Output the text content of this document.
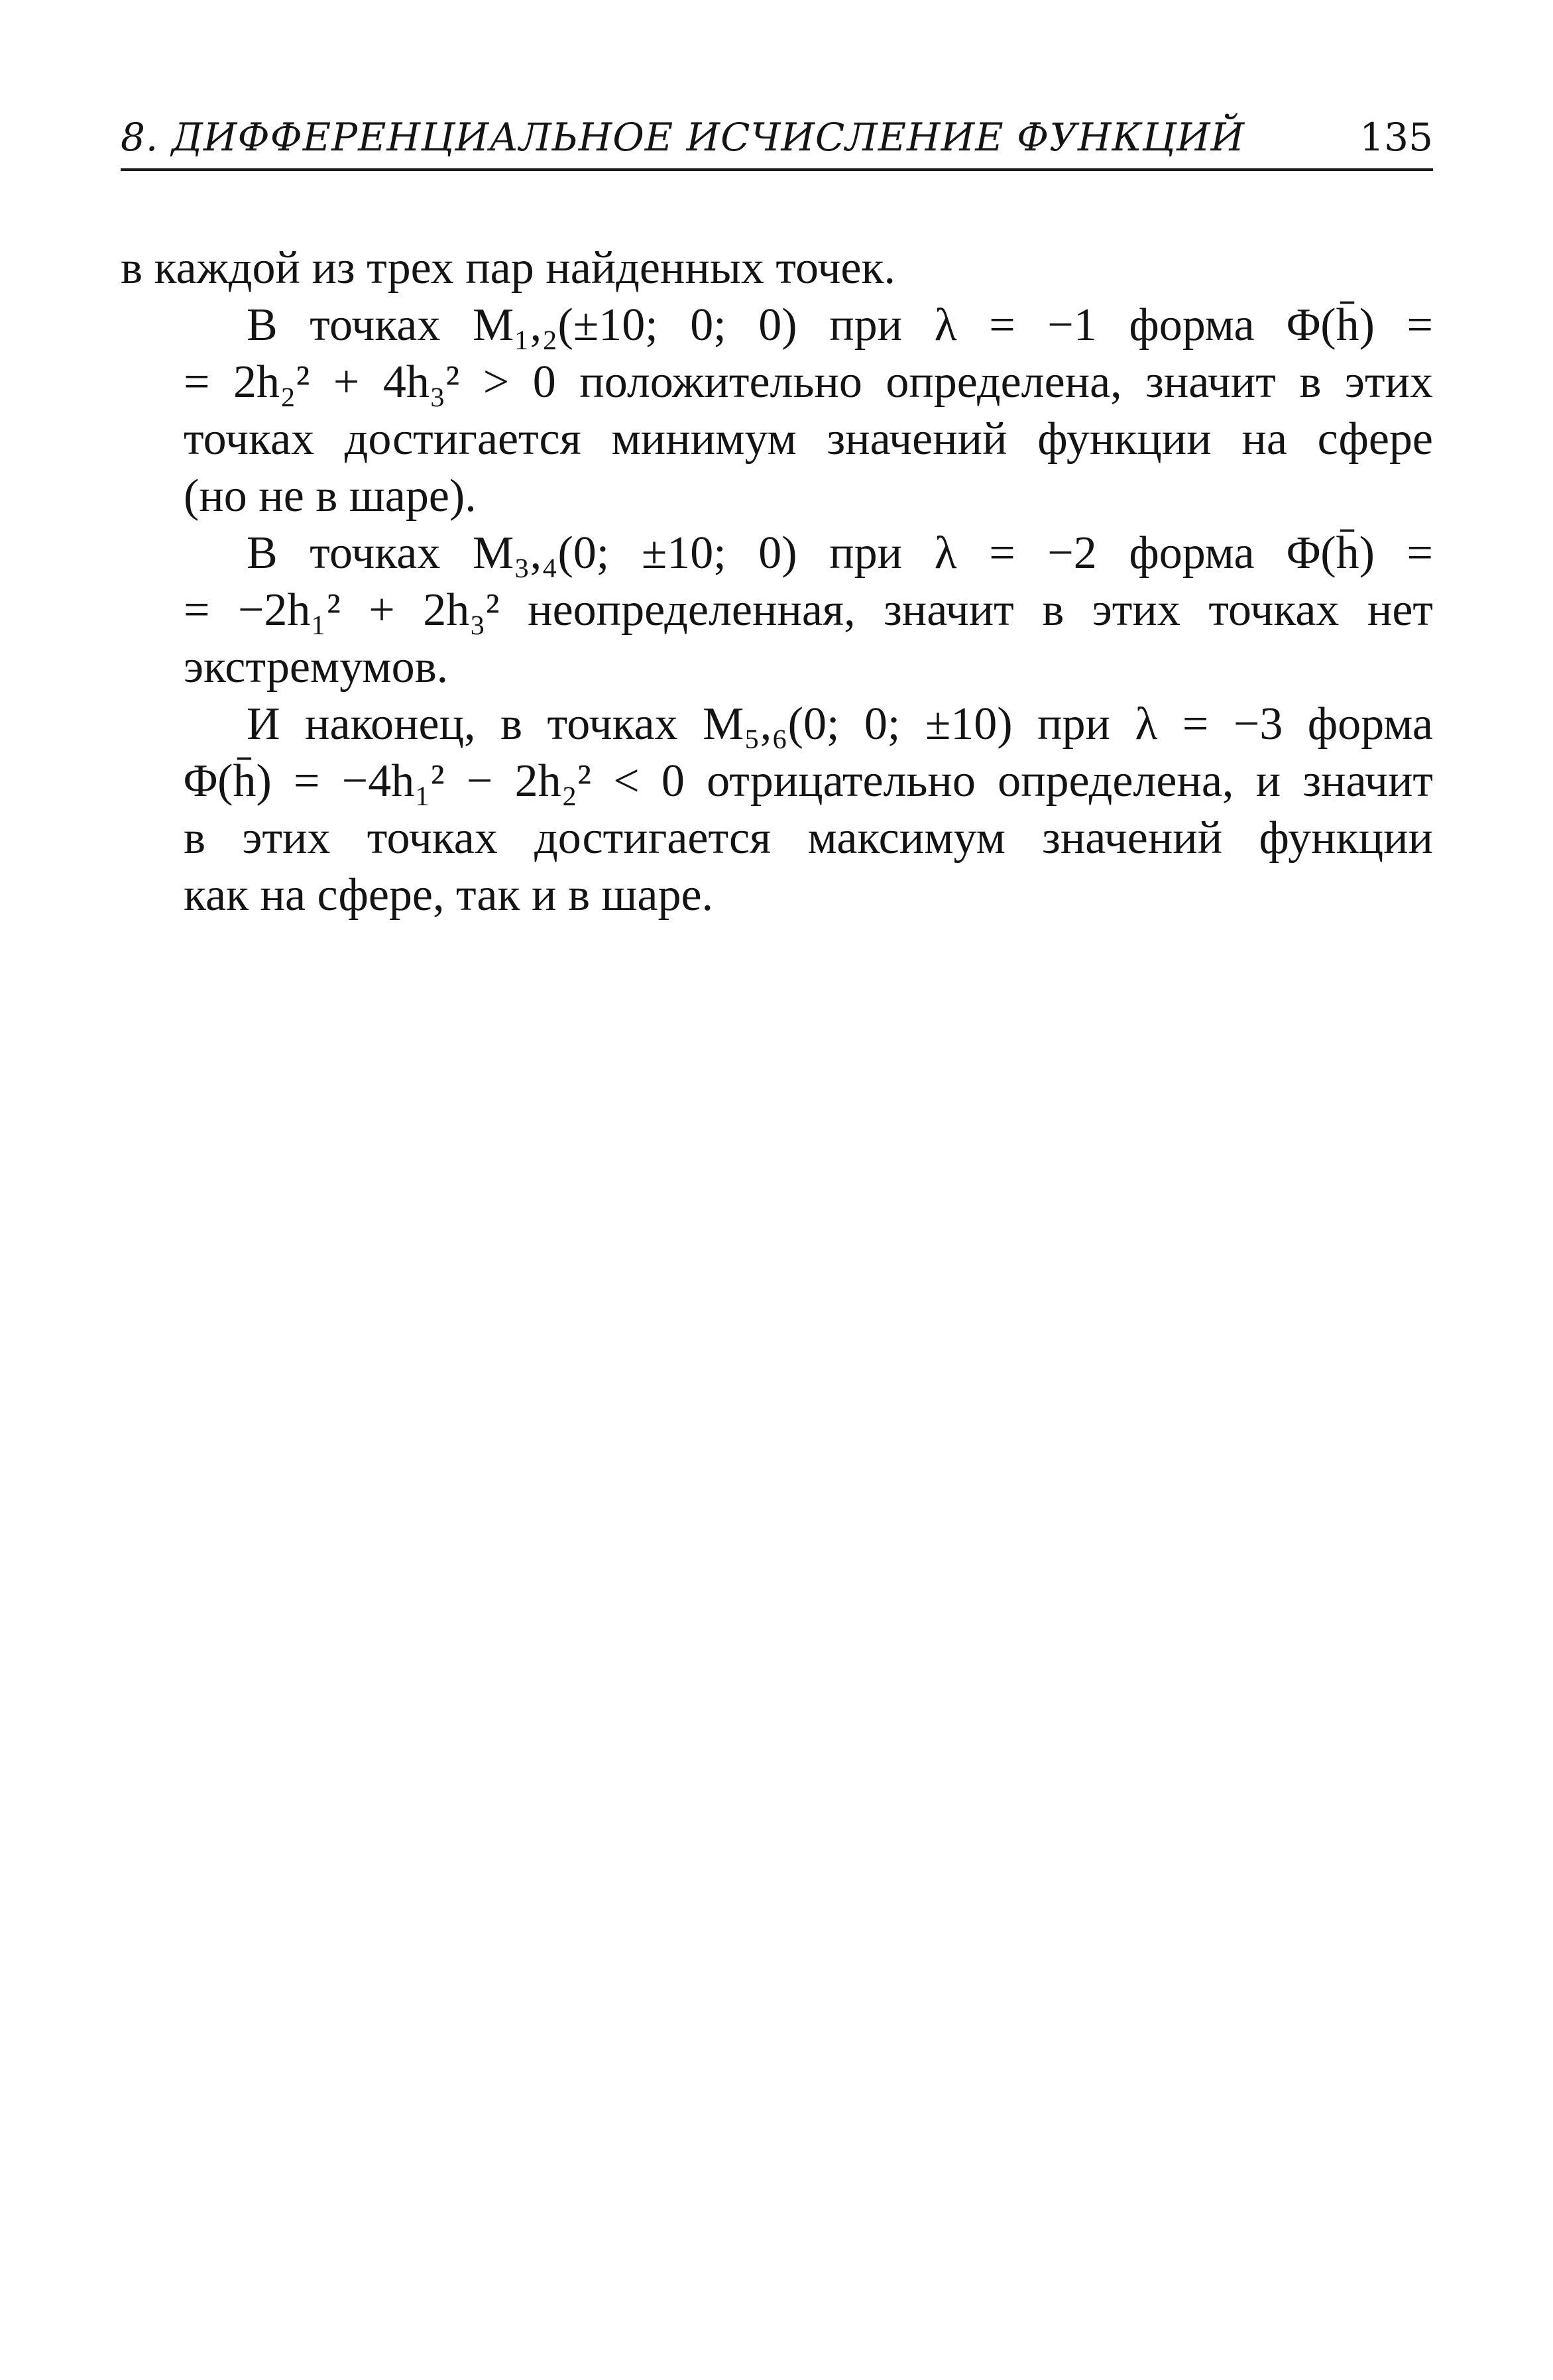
8. ДИФФЕРЕНЦИАЛЬНОЕ ИСЧИСЛЕНИЕ ФУНКЦИЙ	135

в каждой из трех пар найденных точек.

В точках M₁,₂(±10; 0; 0) при λ = −1 форма Φ(h̄) =
= 2h₂² + 4h₃² > 0 положительно определена, значит в этих
точках достигается минимум значений функции на сфере
(но не в шаре).

В точках M₃,₄(0; ±10; 0) при λ = −2 форма Φ(h̄) =
= −2h₁² + 2h₃² неопределенная, значит в этих точках нет
экстремумов.

И наконец, в точках M₅,₆(0; 0; ±10) при λ = −3 форма
Φ(h̄) = −4h₁² − 2h₂² < 0 отрицательно определена, и значит
в этих точках достигается максимум значений функции
как на сфере, так и в шаре.
